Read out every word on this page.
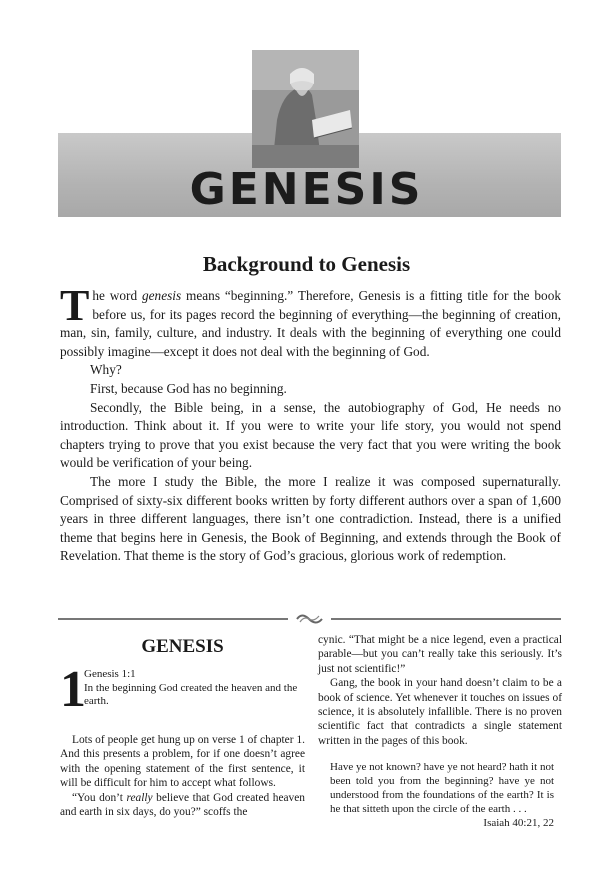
GENESIS
Background to Genesis

The word genesis means “beginning.” Therefore, Genesis is a fitting title for the book before us, for its pages record the beginning of everything—the beginning of creation, man, sin, family, culture, and industry. It deals with the beginning of everything one could possibly imagine—except it does not deal with the beginning of God.

Why?

First, because God has no beginning.

Secondly, the Bible being, in a sense, the autobiography of God, He needs no introduction. Think about it. If you were to write your life story, you would not spend chapters trying to prove that you exist because the very fact that you were writing the book would be verification of your being.

The more I study the Bible, the more I realize it was composed supernaturally. Comprised of sixty-six different books written by forty different authors over a span of 1,600 years in three different languages, there isn’t one contradiction. Instead, there is a unified theme that begins here in Genesis, the Book of Beginning, and extends through the Book of Revelation. That theme is the story of God’s gracious, glorious work of redemption.

GENESIS
1
Genesis 1:1
In the beginning God created the heaven and the earth.

Lots of people get hung up on verse 1 of chapter 1. And this presents a problem, for if one doesn’t agree with the opening statement of the first sentence, it will be difficult for him to accept what follows.

“You don’t really believe that God created heaven and earth in six days, do you?” scoffs the

cynic. “That might be a nice legend, even a practical parable—but you can’t really take this seriously. It’s just not scientific!”

Gang, the book in your hand doesn’t claim to be a book of science. Yet whenever it touches on issues of science, it is absolutely infallible. There is no proven scientific fact that contradicts a single statement written in the pages of this book.

Have ye not known? have ye not heard? hath it not been told you from the beginning? have ye not understood from the foundations of the earth? It is he that sitteth upon the circle of the earth . . .
Isaiah 40:21, 22
